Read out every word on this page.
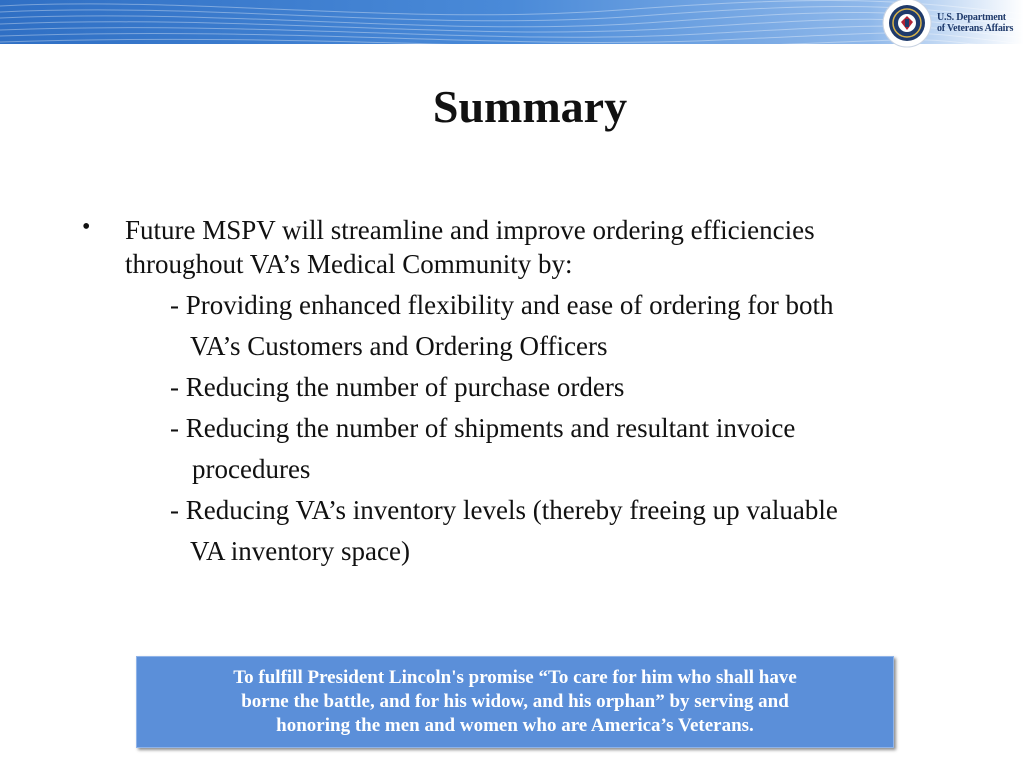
U.S. Department
of Veterans Affairs
Summary
• Future MSPV will streamline and improve ordering efficiencies
throughout VA’s Medical Community by:
- Providing enhanced flexibility and ease of ordering for both
VA’s Customers and Ordering Officers
- Reducing the number of purchase orders
- Reducing the number of shipments and resultant invoice
procedures
- Reducing VA’s inventory levels (thereby freeing up valuable
VA inventory space)
To fulfill President Lincoln's promise “To care for him who shall have
borne the battle, and for his widow, and his orphan” by serving and
honoring the men and women who are America’s Veterans.
